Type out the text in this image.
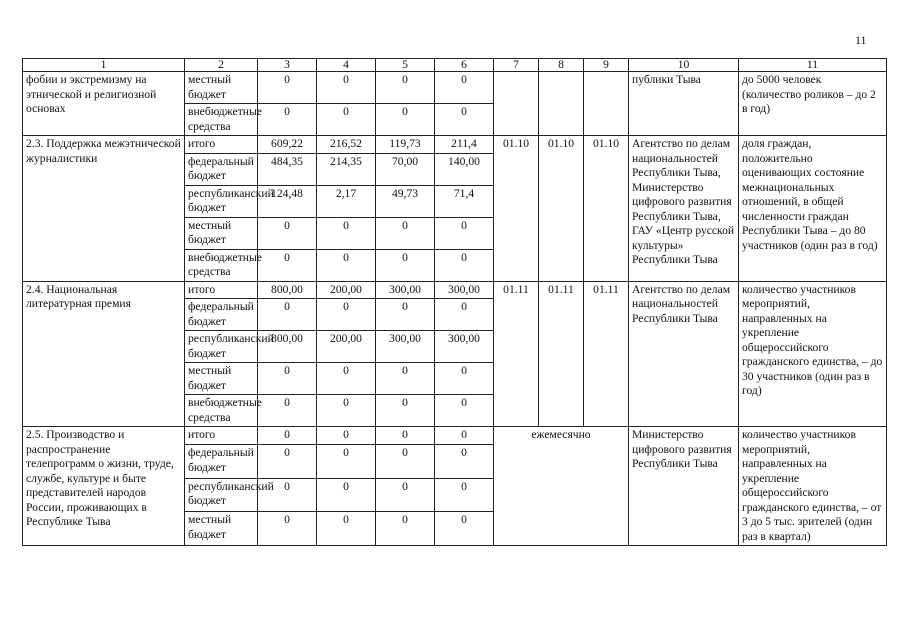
11
1	2	3	4	5	6	7	8	9	10	11
фобии и экстремизму на этнической и религиозной основах	местный бюджет	0	0	0	0				публики Тыва	до 5000 человек (количество роликов – до 2 в год)
	внебюджетные средства	0	0	0	0					
2.3. Поддержка межэтнической журналистики	итого	609,22	216,52	119,73	211,4	01.10	01.10	01.10	Агентство по делам национальностей Республики Тыва, Министерство цифрового развития Республики Тыва, ГАУ «Центр русской культуры» Республики Тыва	доля граждан, положительно оценивающих состояние межнациональных отношений, в общей численности граждан Республики Тыва – до 80 участников (один раз в год)
	федеральный бюджет	484,35	214,35	70,00	140,00					
	республиканский бюджет	124,48	2,17	49,73	71,4					
	местный бюджет	0	0	0	0					
	внебюджетные средства	0	0	0	0					
2.4. Национальная литературная премия	итого	800,00	200,00	300,00	300,00	01.11	01.11	01.11	Агентство по делам национальностей Республики Тыва	количество участников мероприятий, направленных на укрепление общероссийского гражданского единства, – до 30 участников (один раз в год)
	федеральный бюджет	0	0	0	0					
	республиканский бюджет	800,00	200,00	300,00	300,00					
	местный бюджет	0	0	0	0					
	внебюджетные средства	0	0	0	0					
2.5. Производство и распространение телепрограмм о жизни, труде, службе, культуре и быте представителей народов России, проживающих в Республике Тыва	итого	0	0	0	0	ежемесячно			Министерство цифрового развития Республики Тыва	количество участников мероприятий, направленных на укрепление общероссийского гражданского единства, – от 3 до 5 тыс. зрителей (один раз в квартал)
	федеральный бюджет	0	0	0	0					
	республиканский бюджет	0	0	0	0					
	местный бюджет	0	0	0	0					
